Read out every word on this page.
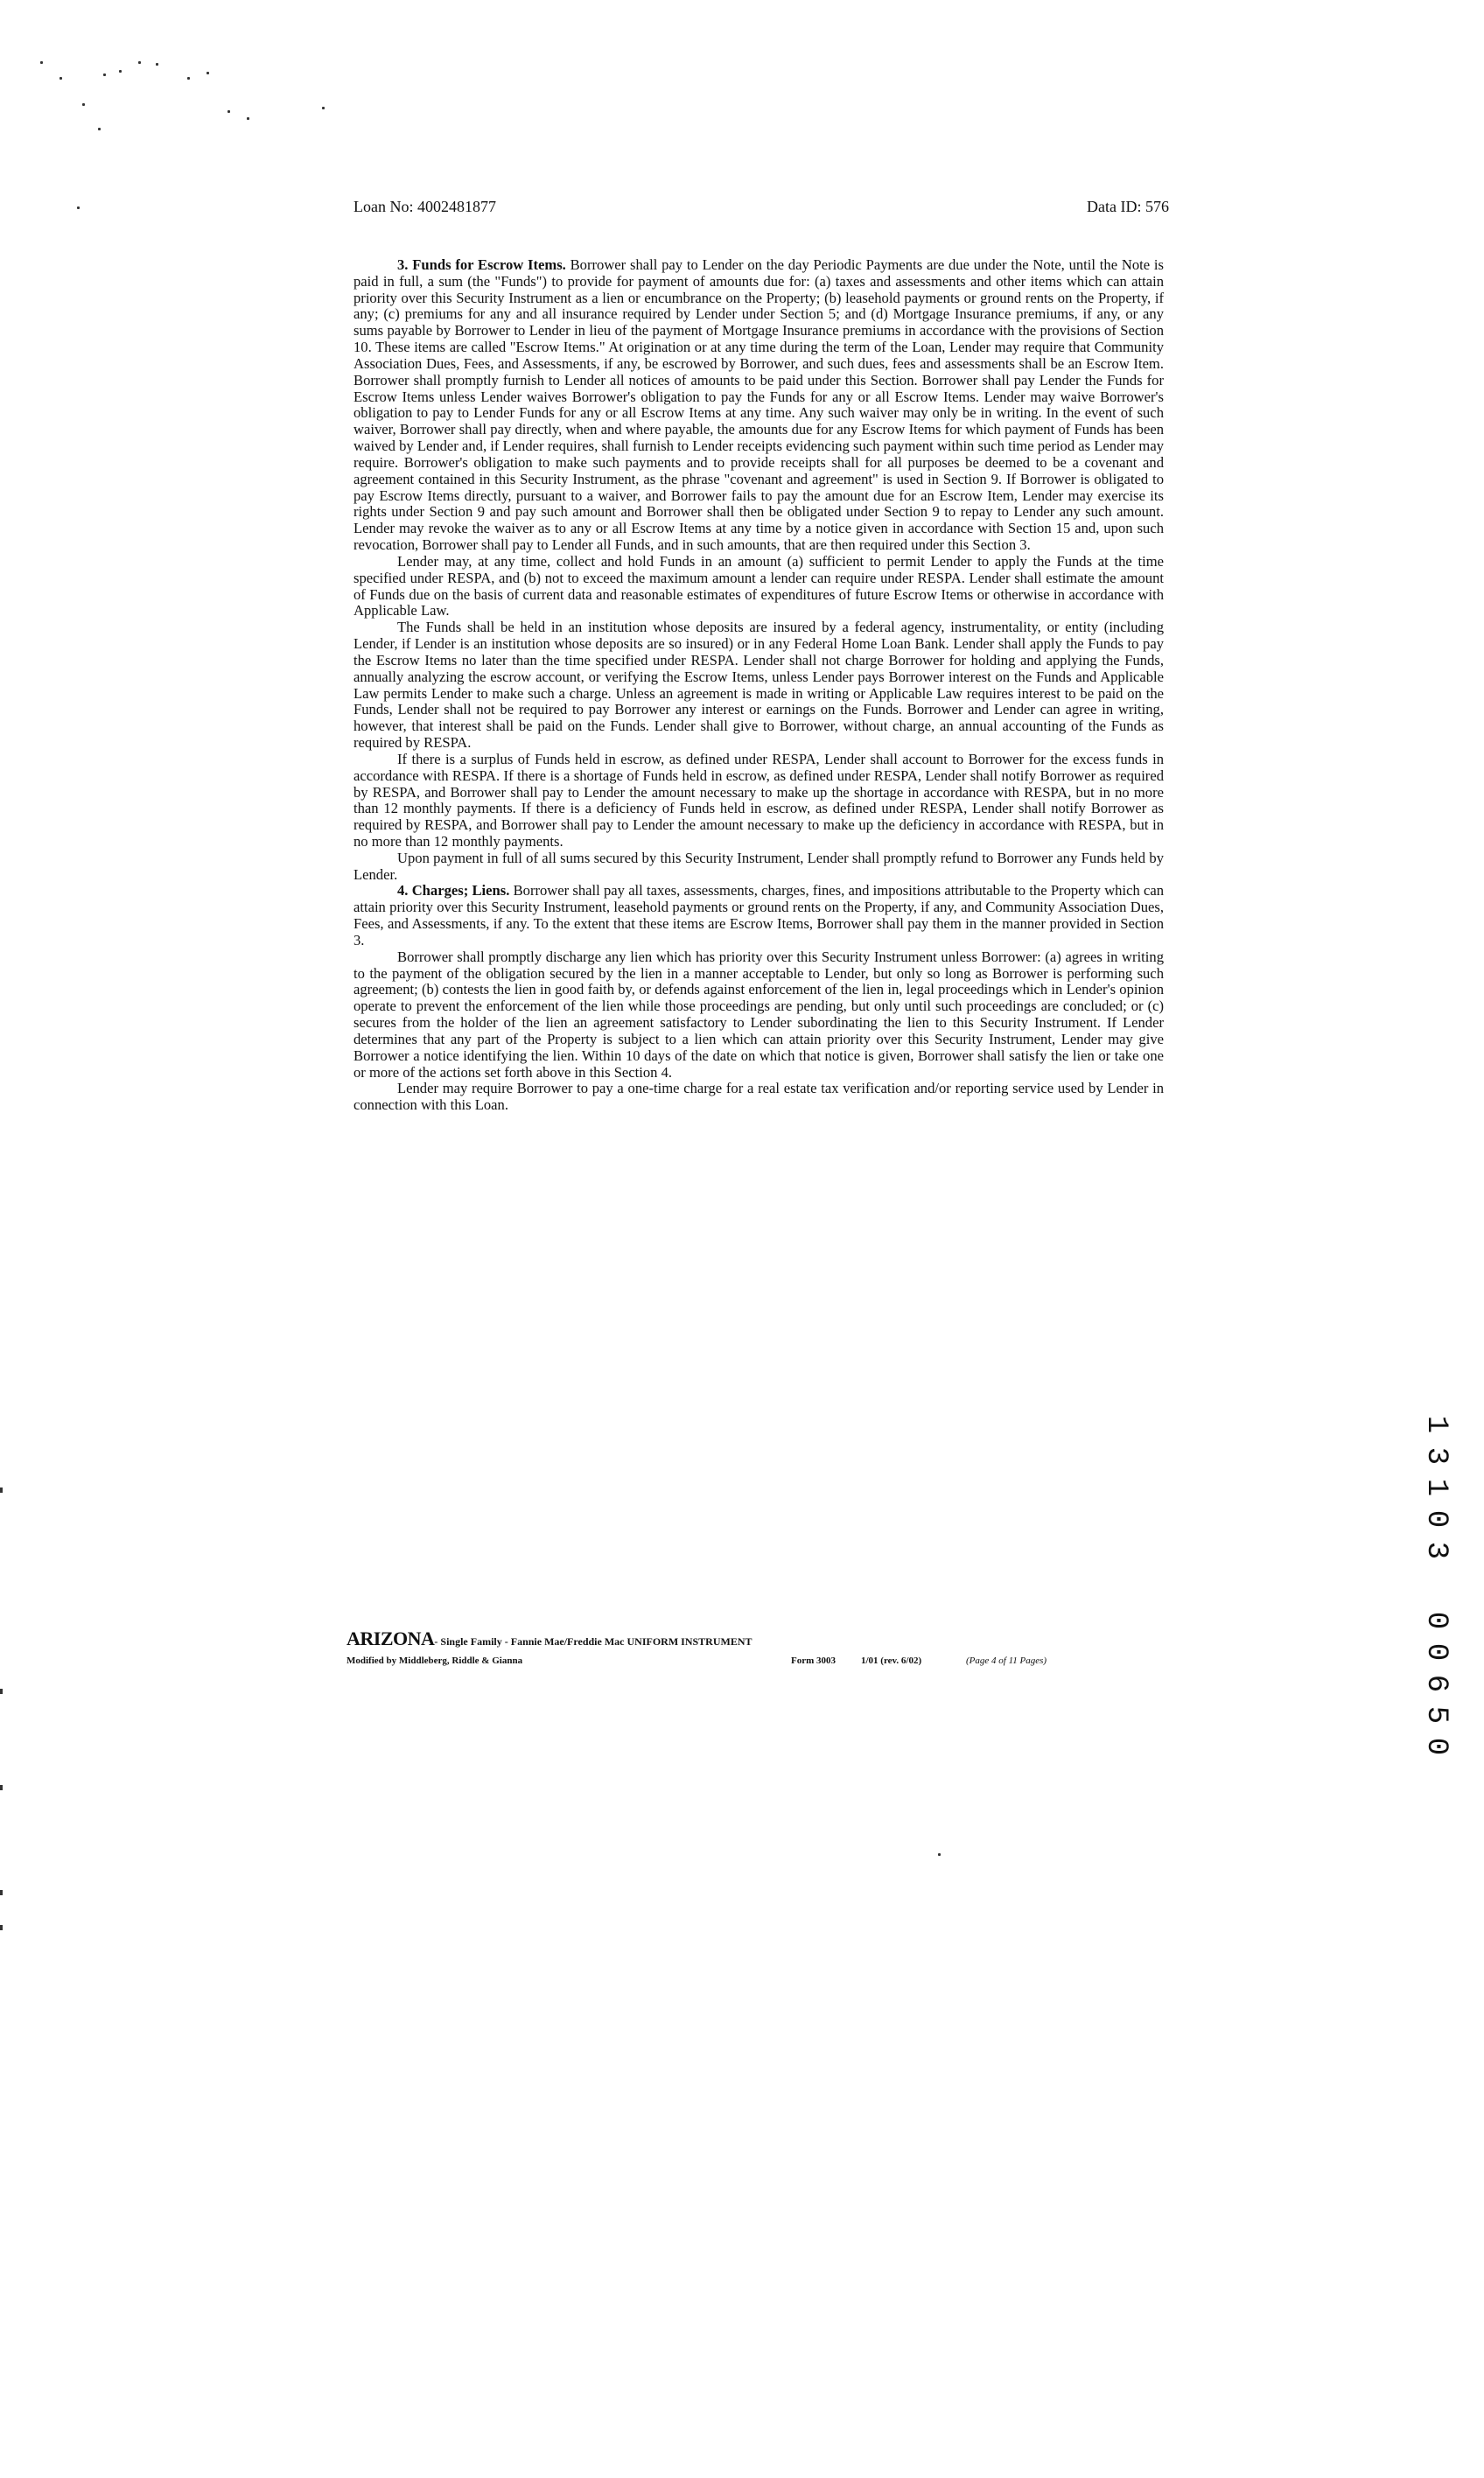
Loan No: 4002481877	Data ID: 576

3. Funds for Escrow Items. Borrower shall pay to Lender on the day Periodic Payments are due under the Note, until the Note is paid in full, a sum (the "Funds") to provide for payment of amounts due for: (a) taxes and assessments and other items which can attain priority over this Security Instrument as a lien or encumbrance on the Property; (b) leasehold payments or ground rents on the Property, if any; (c) premiums for any and all insurance required by Lender under Section 5; and (d) Mortgage Insurance premiums, if any, or any sums payable by Borrower to Lender in lieu of the payment of Mortgage Insurance premiums in accordance with the provisions of Section 10. These items are called "Escrow Items." At origination or at any time during the term of the Loan, Lender may require that Community Association Dues, Fees, and Assessments, if any, be escrowed by Borrower, and such dues, fees and assessments shall be an Escrow Item. Borrower shall promptly furnish to Lender all notices of amounts to be paid under this Section. Borrower shall pay Lender the Funds for Escrow Items unless Lender waives Borrower's obligation to pay the Funds for any or all Escrow Items. Lender may waive Borrower's obligation to pay to Lender Funds for any or all Escrow Items at any time. Any such waiver may only be in writing. In the event of such waiver, Borrower shall pay directly, when and where payable, the amounts due for any Escrow Items for which payment of Funds has been waived by Lender and, if Lender requires, shall furnish to Lender receipts evidencing such payment within such time period as Lender may require. Borrower's obligation to make such payments and to provide receipts shall for all purposes be deemed to be a covenant and agreement contained in this Security Instrument, as the phrase "covenant and agreement" is used in Section 9. If Borrower is obligated to pay Escrow Items directly, pursuant to a waiver, and Borrower fails to pay the amount due for an Escrow Item, Lender may exercise its rights under Section 9 and pay such amount and Borrower shall then be obligated under Section 9 to repay to Lender any such amount. Lender may revoke the waiver as to any or all Escrow Items at any time by a notice given in accordance with Section 15 and, upon such revocation, Borrower shall pay to Lender all Funds, and in such amounts, that are then required under this Section 3.

Lender may, at any time, collect and hold Funds in an amount (a) sufficient to permit Lender to apply the Funds at the time specified under RESPA, and (b) not to exceed the maximum amount a lender can require under RESPA. Lender shall estimate the amount of Funds due on the basis of current data and reasonable estimates of expenditures of future Escrow Items or otherwise in accordance with Applicable Law.

The Funds shall be held in an institution whose deposits are insured by a federal agency, instrumentality, or entity (including Lender, if Lender is an institution whose deposits are so insured) or in any Federal Home Loan Bank. Lender shall apply the Funds to pay the Escrow Items no later than the time specified under RESPA. Lender shall not charge Borrower for holding and applying the Funds, annually analyzing the escrow account, or verifying the Escrow Items, unless Lender pays Borrower interest on the Funds and Applicable Law permits Lender to make such a charge. Unless an agreement is made in writing or Applicable Law requires interest to be paid on the Funds, Lender shall not be required to pay Borrower any interest or earnings on the Funds. Borrower and Lender can agree in writing, however, that interest shall be paid on the Funds. Lender shall give to Borrower, without charge, an annual accounting of the Funds as required by RESPA.

If there is a surplus of Funds held in escrow, as defined under RESPA, Lender shall account to Borrower for the excess funds in accordance with RESPA. If there is a shortage of Funds held in escrow, as defined under RESPA, Lender shall notify Borrower as required by RESPA, and Borrower shall pay to Lender the amount necessary to make up the shortage in accordance with RESPA, but in no more than 12 monthly payments. If there is a deficiency of Funds held in escrow, as defined under RESPA, Lender shall notify Borrower as required by RESPA, and Borrower shall pay to Lender the amount necessary to make up the deficiency in accordance with RESPA, but in no more than 12 monthly payments.

Upon payment in full of all sums secured by this Security Instrument, Lender shall promptly refund to Borrower any Funds held by Lender.

4. Charges; Liens. Borrower shall pay all taxes, assessments, charges, fines, and impositions attributable to the Property which can attain priority over this Security Instrument, leasehold payments or ground rents on the Property, if any, and Community Association Dues, Fees, and Assessments, if any. To the extent that these items are Escrow Items, Borrower shall pay them in the manner provided in Section 3.

Borrower shall promptly discharge any lien which has priority over this Security Instrument unless Borrower: (a) agrees in writing to the payment of the obligation secured by the lien in a manner acceptable to Lender, but only so long as Borrower is performing such agreement; (b) contests the lien in good faith by, or defends against enforcement of the lien in, legal proceedings which in Lender's opinion operate to prevent the enforcement of the lien while those proceedings are pending, but only until such proceedings are concluded; or (c) secures from the holder of the lien an agreement satisfactory to Lender subordinating the lien to this Security Instrument. If Lender determines that any part of the Property is subject to a lien which can attain priority over this Security Instrument, Lender may give Borrower a notice identifying the lien. Within 10 days of the date on which that notice is given, Borrower shall satisfy the lien or take one or more of the actions set forth above in this Section 4.

Lender may require Borrower to pay a one-time charge for a real estate tax verification and/or reporting service used by Lender in connection with this Loan.

ARIZONA- Single Family - Fannie Mae/Freddie Mac UNIFORM INSTRUMENT
Modified by Middleberg, Riddle & Gianna	Form 3003	1/01 (rev. 6/02)	(Page 4 of 11 Pages)
1
3
1
0
3
0
0
6
5
0
